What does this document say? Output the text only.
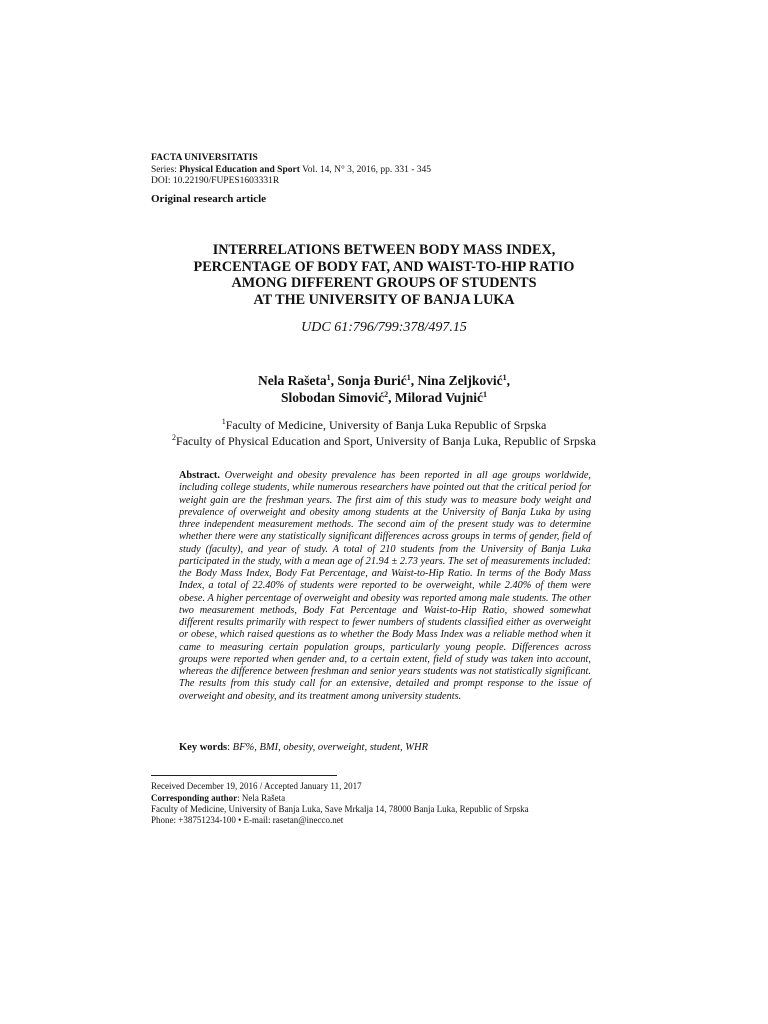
FACTA UNIVERSITATIS
Series: Physical Education and Sport Vol. 14, N° 3, 2016, pp. 331 - 345
DOI: 10.22190/FUPES1603331R
Original research article
INTERRELATIONS BETWEEN BODY MASS INDEX,
PERCENTAGE OF BODY FAT, AND WAIST-TO-HIP RATIO
AMONG DIFFERENT GROUPS OF STUDENTS
AT THE UNIVERSITY OF BANJA LUKA
UDC 61:796/799:378/497.15
Nela Rašeta$^1$, Sonja Đurić$^1$, Nina Zeljković$^1$,
Slobodan Simović$^2$, Milorad Vujnić$^1$
$^1$Faculty of Medicine, University of Banja Luka Republic of Srpska
$^2$Faculty of Physical Education and Sport, University of Banja Luka, Republic of Srpska
Abstract. Overweight and obesity prevalence has been reported in all age groups worldwide, including college students, while numerous researchers have pointed out that the critical period for weight gain are the freshman years. The first aim of this study was to measure body weight and prevalence of overweight and obesity among students at the University of Banja Luka by using three independent measurement methods. The second aim of the present study was to determine whether there were any statistically significant differences across groups in terms of gender, field of study (faculty), and year of study. A total of 210 students from the University of Banja Luka participated in the study, with a mean age of 21.94 ± 2.73 years. The set of measurements included: the Body Mass Index, Body Fat Percentage, and Waist-to-Hip Ratio. In terms of the Body Mass Index, a total of 22.40% of students were reported to be overweight, while 2.40% of them were obese. A higher percentage of overweight and obesity was reported among male students. The other two measurement methods, Body Fat Percentage and Waist-to-Hip Ratio, showed somewhat different results primarily with respect to fewer numbers of students classified either as overweight or obese, which raised questions as to whether the Body Mass Index was a reliable method when it came to measuring certain population groups, particularly young people. Differences across groups were reported when gender and, to a certain extent, field of study was taken into account, whereas the difference between freshman and senior years students was not statistically significant. The results from this study call for an extensive, detailed and prompt response to the issue of overweight and obesity, and its treatment among university students.
Key words: BF%, BMI, obesity, overweight, student, WHR
Received December 19, 2016 / Accepted January 11, 2017
Corresponding author: Nela Rašeta
Faculty of Medicine, University of Banja Luka, Save Mrkalja 14, 78000 Banja Luka, Republic of Srpska
Phone: +38751234-100 • E-mail: rasetan@inecco.net
